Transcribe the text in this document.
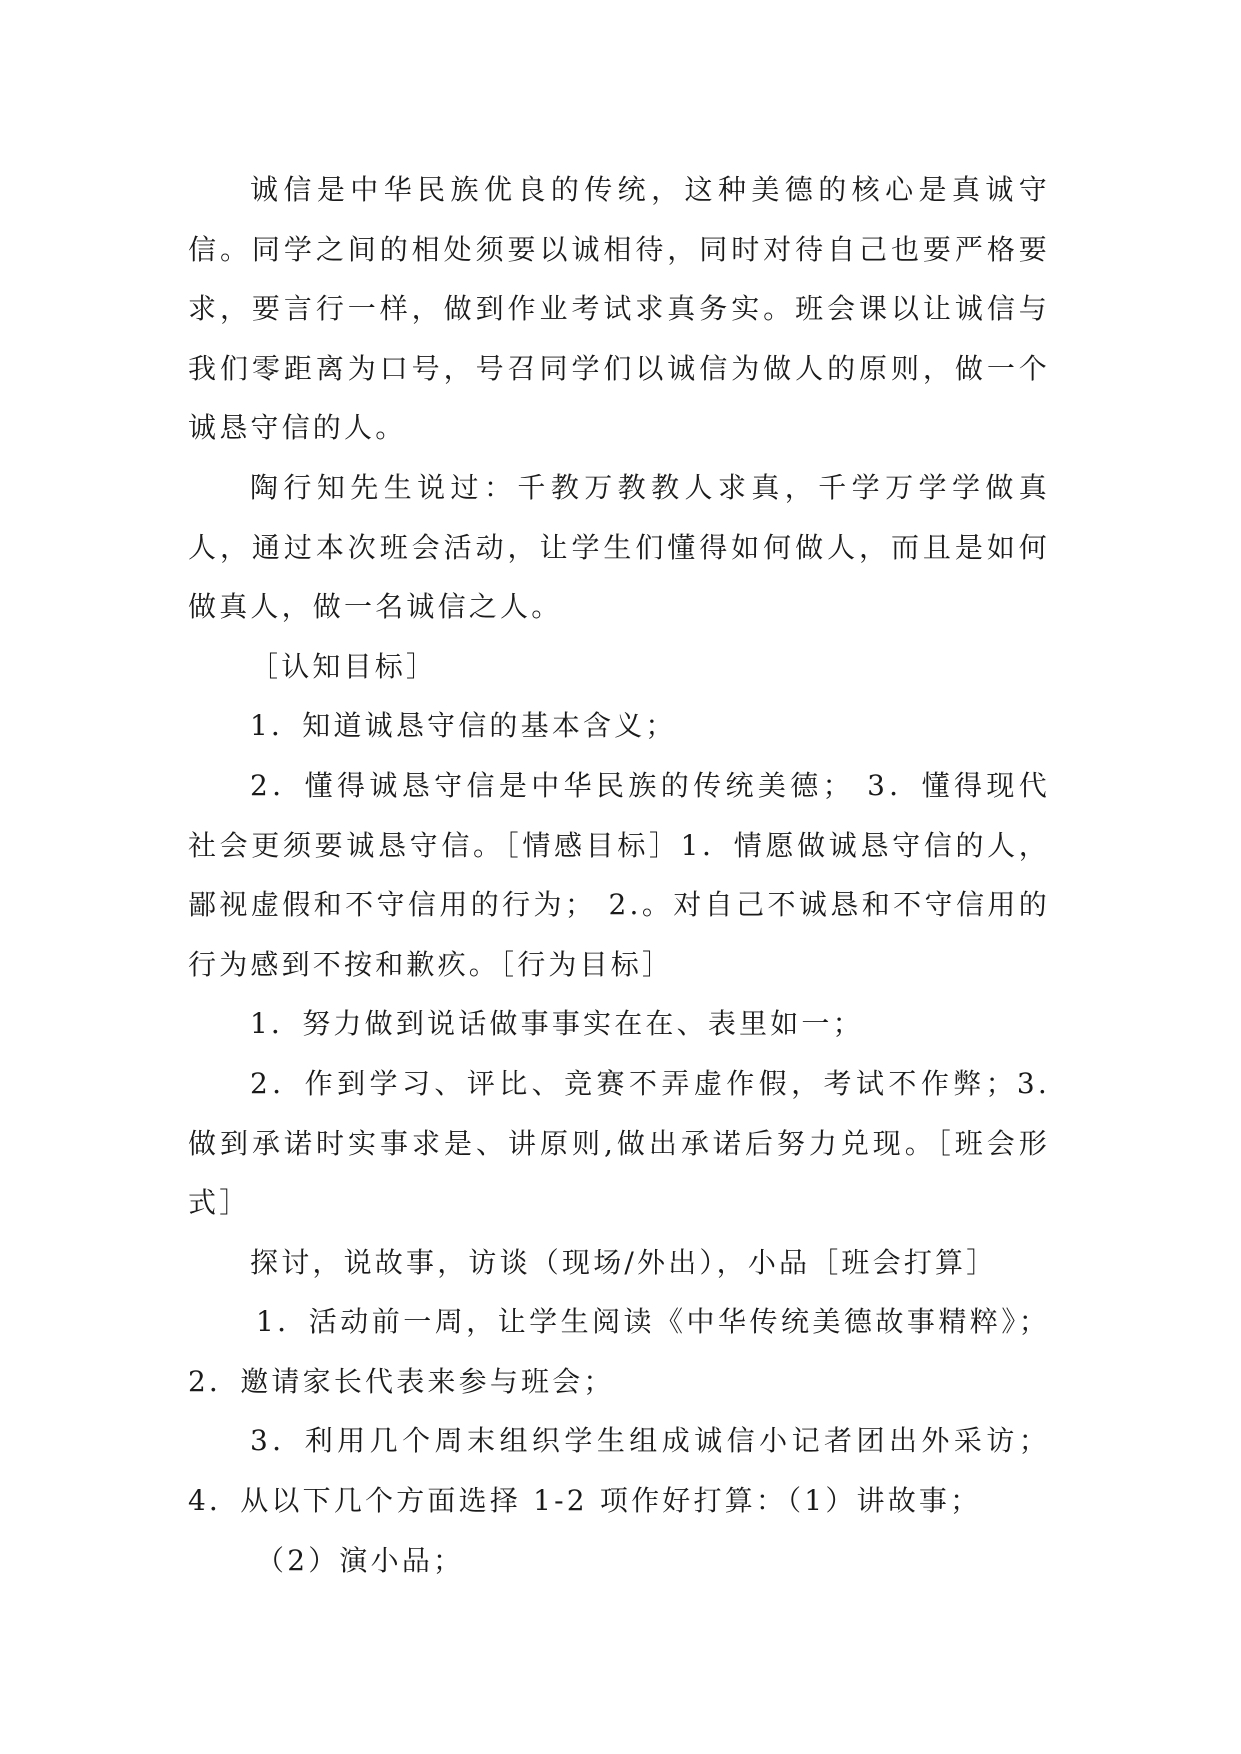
诚信是中华民族优良的传统，这种美德的核心是真诚守信。同学之间的相处须要以诚相待，同时对待自己也要严格要求，要言行一样，做到作业考试求真务实。班会课以让诚信与我们零距离为口号，号召同学们以诚信为做人的原则，做一个诚恳守信的人。

陶行知先生说过：千教万教教人求真，千学万学学做真人，通过本次班会活动，让学生们懂得如何做人，而且是如何做真人，做一名诚信之人。

［认知目标］

1．知道诚恳守信的基本含义；

2．懂得诚恳守信是中华民族的传统美德； 3．懂得现代社会更须要诚恳守信。［情感目标］1．情愿做诚恳守信的人，鄙视虚假和不守信用的行为； 2.。对自己不诚恳和不守信用的行为感到不按和歉疚。［行为目标］

1．努力做到说话做事事实在在、表里如一；

2．作到学习、评比、竞赛不弄虚作假，考试不作弊；3.做到承诺时实事求是、讲原则,做出承诺后努力兑现。［班会形式］

探讨，说故事，访谈（现场/外出），小品［班会打算］

1．活动前一周，让学生阅读《中华传统美德故事精粹》； 2．邀请家长代表来参与班会；

3．利用几个周末组织学生组成诚信小记者团出外采访；4．从以下几个方面选择 1-2 项作好打算：（1）讲故事；

（2）演小品；
